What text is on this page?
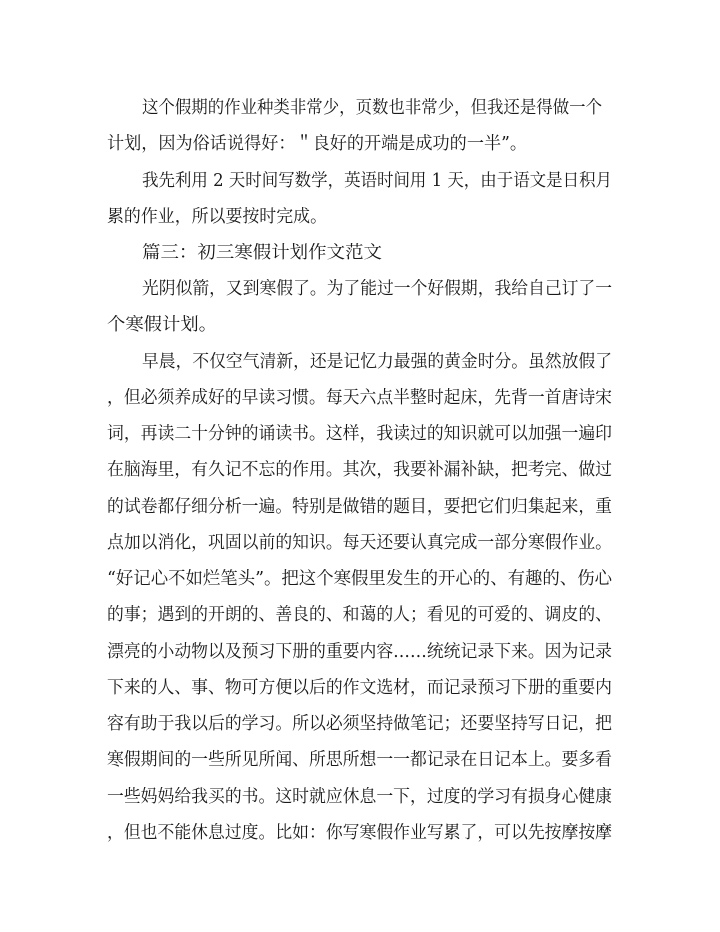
这个假期的作业种类非常少，页数也非常少，但我还是得做一个
计划，因为俗话说得好：＂良好的开端是成功的一半”。
我先利用 2 天时间写数学，英语时间用 1 天，由于语文是日积月
累的作业，所以要按时完成。
篇三：初三寒假计划作文范文
光阴似箭，又到寒假了。为了能过一个好假期，我给自己订了一
个寒假计划。
早晨，不仅空气清新，还是记忆力最强的黄金时分。虽然放假了
，但必须养成好的早读习惯。每天六点半整时起床，先背一首唐诗宋
词，再读二十分钟的诵读书。这样，我读过的知识就可以加强一遍印
在脑海里，有久记不忘的作用。其次，我要补漏补缺，把考完、做过
的试卷都仔细分析一遍。特别是做错的题目，要把它们归集起来，重
点加以消化，巩固以前的知识。每天还要认真完成一部分寒假作业。
“好记心不如烂笔头”。把这个寒假里发生的开心的、有趣的、伤心
的事；遇到的开朗的、善良的、和蔼的人；看见的可爱的、调皮的、
漂亮的小动物以及预习下册的重要内容……统统记录下来。因为记录
下来的人、事、物可方便以后的作文选材，而记录预习下册的重要内
容有助于我以后的学习。所以必须坚持做笔记；还要坚持写日记，把
寒假期间的一些所见所闻、所思所想一一都记录在日记本上。要多看
一些妈妈给我买的书。这时就应休息一下，过度的学习有损身心健康
，但也不能休息过度。比如：你写寒假作业写累了，可以先按摩按摩
